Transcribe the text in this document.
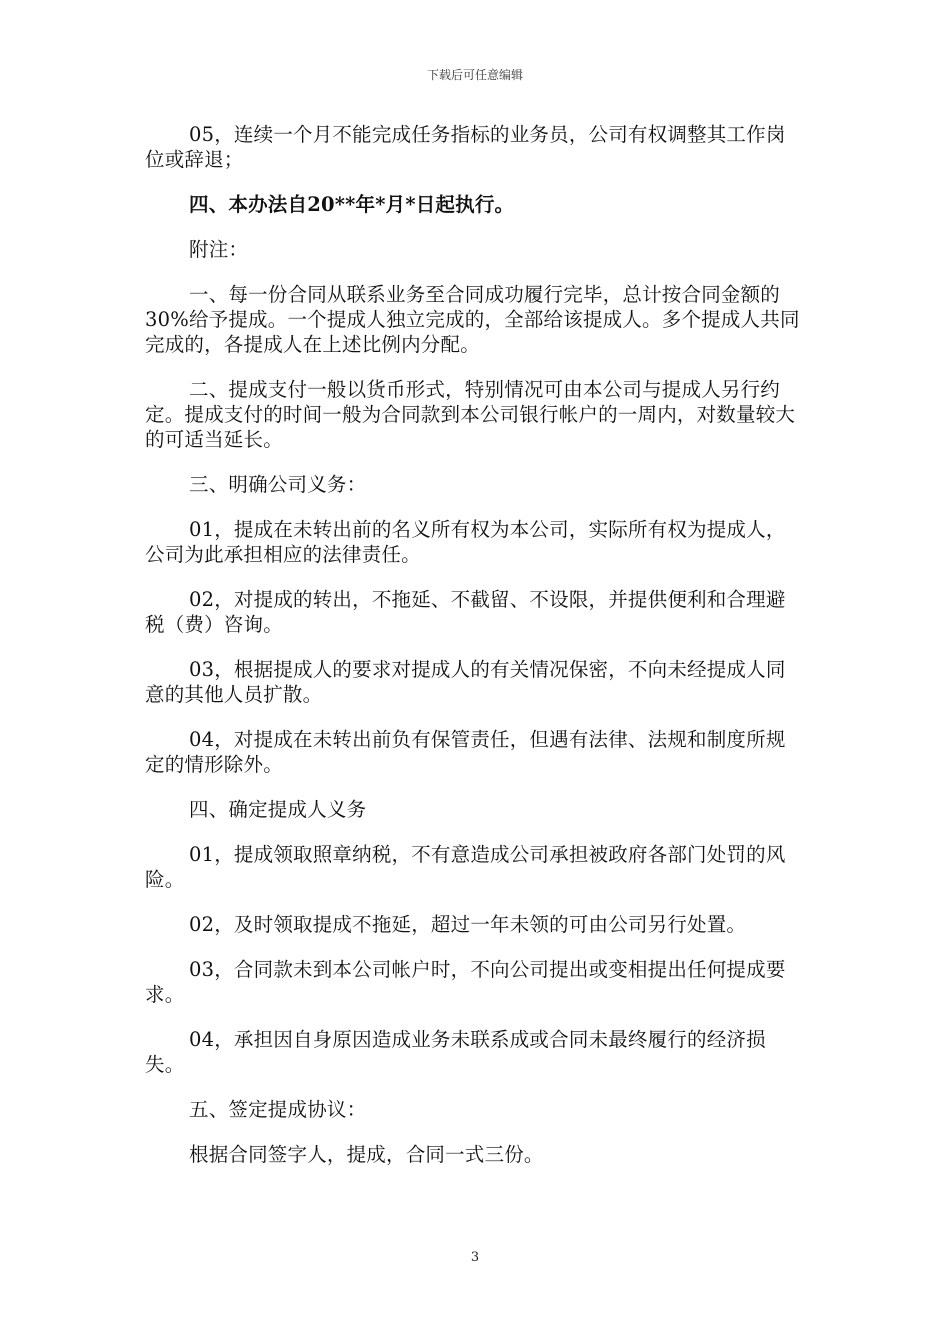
下载后可任意编辑

05，连续一个月不能完成任务指标的业务员，公司有权调整其工作岗位或辞退；

四、本办法自20**年*月*日起执行。

附注：

一、每一份合同从联系业务至合同成功履行完毕，总计按合同金额的30%给予提成。一个提成人独立完成的，全部给该提成人。多个提成人共同完成的，各提成人在上述比例内分配。

二、提成支付一般以货币形式，特别情况可由本公司与提成人另行约定。提成支付的时间一般为合同款到本公司银行帐户的一周内，对数量较大的可适当延长。

三、明确公司义务：

01，提成在未转出前的名义所有权为本公司，实际所有权为提成人，公司为此承担相应的法律责任。

02，对提成的转出，不拖延、不截留、不设限，并提供便利和合理避税（费）咨询。

03，根据提成人的要求对提成人的有关情况保密，不向未经提成人同意的其他人员扩散。

04，对提成在未转出前负有保管责任，但遇有法律、法规和制度所规定的情形除外。

四、确定提成人义务

01，提成领取照章纳税，不有意造成公司承担被政府各部门处罚的风险。

02，及时领取提成不拖延，超过一年未领的可由公司另行处置。

03，合同款未到本公司帐户时，不向公司提出或变相提出任何提成要求。

04，承担因自身原因造成业务未联系成或合同未最终履行的经济损失。

五、签定提成协议：

根据合同签字人，提成，合同一式三份。

3
